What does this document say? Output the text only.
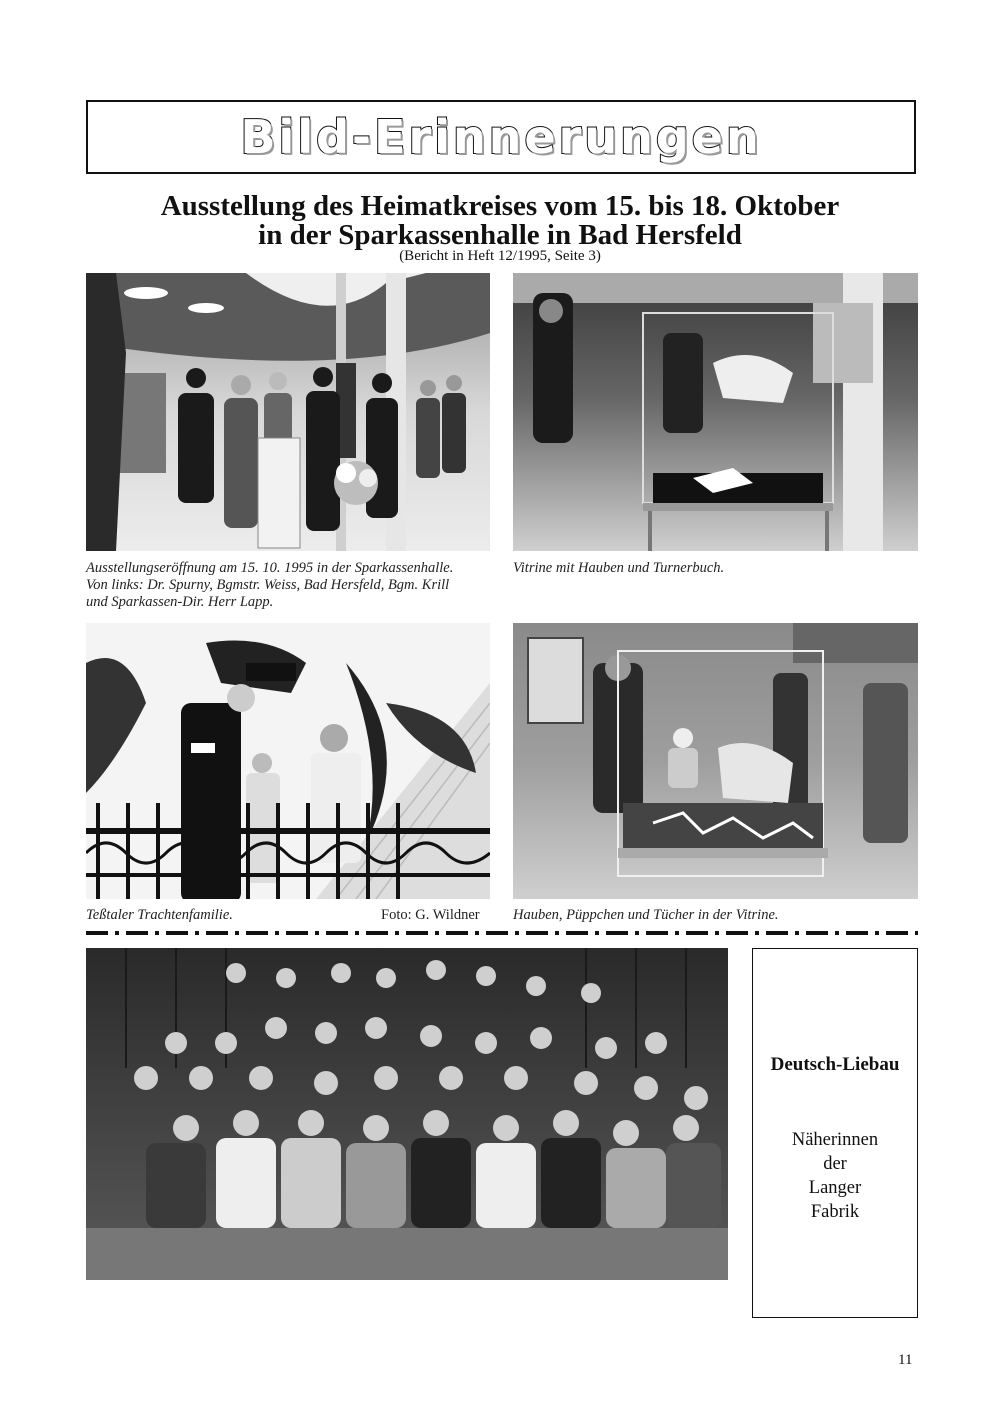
Bild-Erinnerungen
Ausstellung des Heimatkreises vom 15. bis 18. Oktober
in der Sparkassenhalle in Bad Hersfeld
(Bericht in Heft 12/1995, Seite 3)
Ausstellungseröffnung am 15. 10. 1995 in der Sparkassenhalle.
Von links: Dr. Spurny, Bgmstr. Weiss, Bad Hersfeld, Bgm. Krill
und Sparkassen-Dir. Herr Lapp.
Vitrine mit Hauben und Turnerbuch.
Teßtaler Trachtenfamilie.	Foto: G. Wildner Hauben, Püppchen und Tücher in der Vitrine.
Deutsch-Liebau
Näherinnen
der
Langer
Fabrik
11
